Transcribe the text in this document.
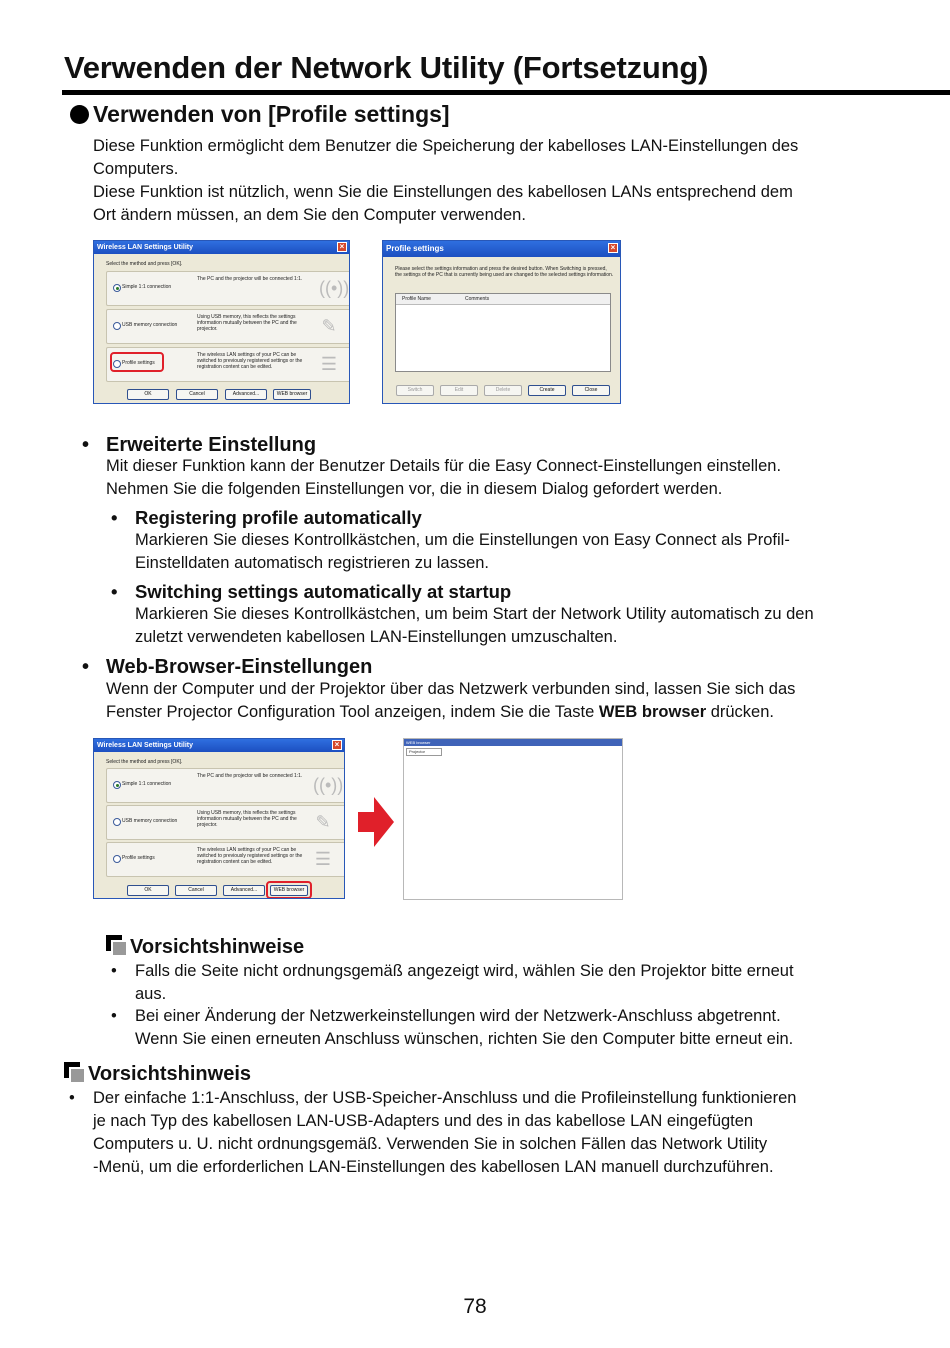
Verwenden der Network Utility (Fortsetzung)
Verwenden von [Profile settings]
Diese Funktion ermöglicht dem Benutzer die Speicherung der kabelloses LAN-Einstellungen des
Computers.
Diese Funktion ist nützlich, wenn Sie die Einstellungen des kabellosen LANs entsprechend dem
Ort ändern müssen, an dem Sie den Computer verwenden.
Wireless LAN Settings Utility	×
Select the method and press [OK].
Simple 1:1 connection
The PC and the projector will be connected 1:1. ((•))
USB memory connection
Using USB memory, this reflects the settings information mutually between the PC and the projector.	✎
Profile settings
The wireless LAN settings of your PC can be switched to previously registered settings or the registration content can be edited.	☰
OK	Cancel	Advanced...	WEB browser
Profile settings	×
Please select the settings information and press the desired button. When Switching is pressed, the settings of the PC that is currently being used are changed to the selected settings information.
Profile Name	Comments
Switch	Edit	Delete	Create	Close
• Erweiterte Einstellung
Mit dieser Funktion kann der Benutzer Details für die Easy Connect-Einstellungen einstellen.
Nehmen Sie die folgenden Einstellungen vor, die in diesem Dialog gefordert werden.
• Registering profile automatically
Markieren Sie dieses Kontrollkästchen, um die Einstellungen von Easy Connect als Profil-
Einstelldaten automatisch registrieren zu lassen.
• Switching settings automatically at startup
Markieren Sie dieses Kontrollkästchen, um beim Start der Network Utility automatisch zu den
zuletzt verwendeten kabellosen LAN-Einstellungen umzuschalten.
• Web-Browser-Einstellungen
Wenn der Computer und der Projektor über das Netzwerk verbunden sind, lassen Sie sich das
Fenster Projector Configuration Tool anzeigen, indem Sie die Taste WEB browser drücken.
Wireless LAN Settings Utility	×
Select the method and press [OK].
Simple 1:1 connection
The PC and the projector will be connected 1:1. ((•))
USB memory connection
Using USB memory, this reflects the settings information mutually between the PC and the projector.	✎
Profile settings
The wireless LAN settings of your PC can be switched to previously registered settings or the registration content can be edited.	☰
OK	Cancel	Advanced...	WEB browser
WEB browser
Projector
Vorsichtshinweise
• Falls die Seite nicht ordnungsgemäß angezeigt wird, wählen Sie den Projektor bitte erneut
aus.
• Bei einer Änderung der Netzwerkeinstellungen wird der Netzwerk-Anschluss abgetrennt.
Wenn Sie einen erneuten Anschluss wünschen, richten Sie den Computer bitte erneut ein.
Vorsichtshinweis
• Der einfache 1:1-Anschluss, der USB-Speicher-Anschluss und die Profileinstellung funktionieren
je nach Typ des kabellosen LAN-USB-Adapters und des in das kabellose LAN eingefügten
Computers u. U. nicht ordnungsgemäß. Verwenden Sie in solchen Fällen das Network Utility
-Menü, um die erforderlichen LAN-Einstellungen des kabellosen LAN manuell durchzuführen.
78
